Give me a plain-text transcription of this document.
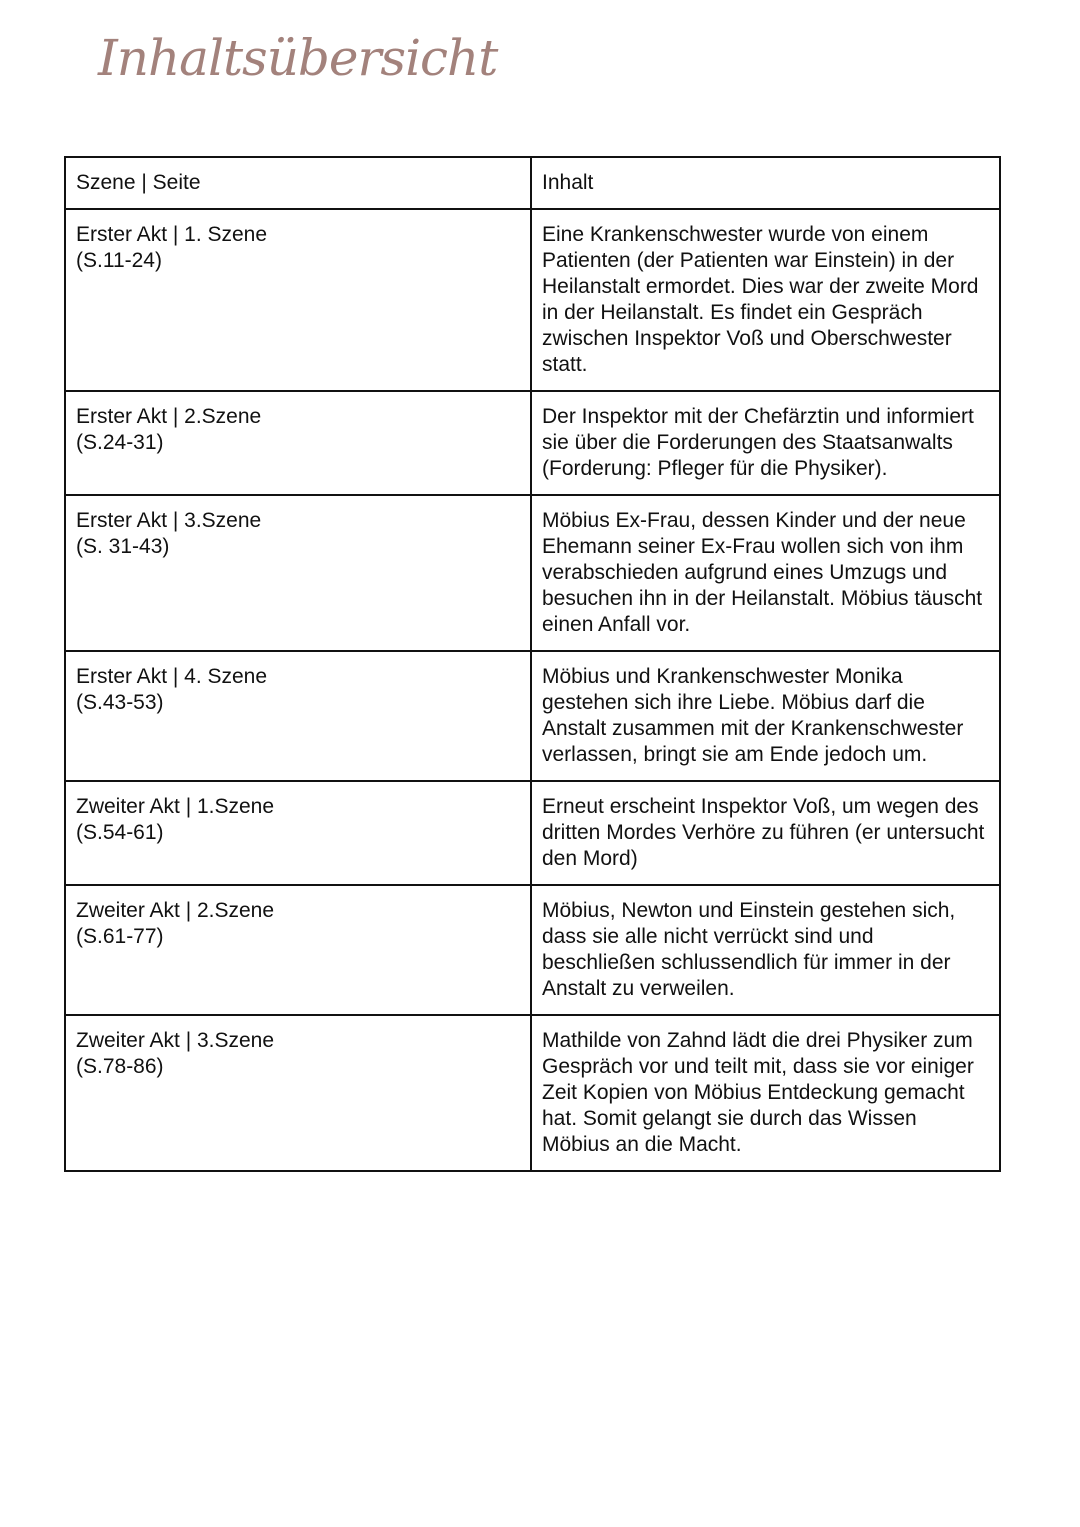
Inhaltsübersicht
Szene | Seite	Inhalt

Erster Akt | 1. Szene
(S.11-24)	Eine Krankenschwester wurde von einem Patienten (der Patienten war Einstein) in der Heilanstalt ermordet. Dies war der zweite Mord in der Heilanstalt. Es findet ein Gespräch zwischen Inspektor Voß und Oberschwester statt.

Erster Akt | 2.Szene
(S.24-31)	Der Inspektor mit der Chefärztin und informiert sie über die Forderungen des Staatsanwalts (Forderung: Pfleger für die Physiker).

Erster Akt | 3.Szene
(S. 31-43)	Möbius Ex-Frau, dessen Kinder und der neue Ehemann seiner Ex-Frau wollen sich von ihm verabschieden aufgrund eines Umzugs und besuchen ihn in der Heilanstalt. Möbius täuscht einen Anfall vor.

Erster Akt | 4. Szene
(S.43-53)	Möbius und Krankenschwester Monika gestehen sich ihre Liebe. Möbius darf die Anstalt zusammen mit der Krankenschwester verlassen, bringt sie am Ende jedoch um.

Zweiter Akt | 1.Szene
(S.54-61)	Erneut erscheint Inspektor Voß, um wegen des dritten Mordes Verhöre zu führen (er untersucht den Mord)

Zweiter Akt | 2.Szene
(S.61-77)	Möbius, Newton und Einstein gestehen sich, dass sie alle nicht verrückt sind und beschließen schlussendlich für immer in der Anstalt zu verweilen.

Zweiter Akt | 3.Szene
(S.78-86)	Mathilde von Zahnd lädt die drei Physiker zum Gespräch vor und teilt mit, dass sie vor einiger Zeit Kopien von Möbius Entdeckung gemacht hat. Somit gelangt sie durch das Wissen Möbius an die Macht.
